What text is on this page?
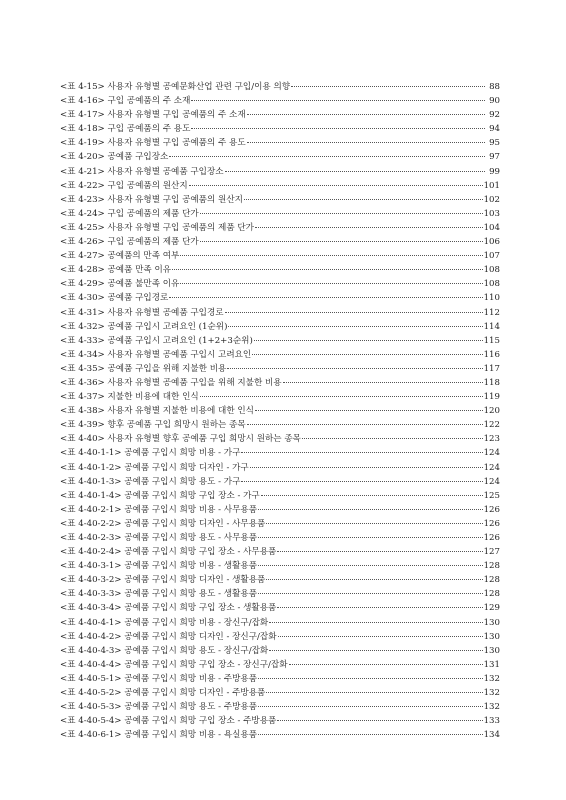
<표 4-15> 사용자 유형별 공예문화산업 관련 구입/이용 의향	88
<표 4-16> 구입 공예품의 주 소재	90
<표 4-17> 사용자 유형별 구입 공예품의 주 소재	92
<표 4-18> 구입 공예품의 주 용도	94
<표 4-19> 사용자 유형별 구입 공예품의 주 용도	95
<표 4-20> 공예품 구입장소	97
<표 4-21> 사용자 유형별 공예품 구입장소	99
<표 4-22> 구입 공예품의 원산지	101
<표 4-23> 사용자 유형별 구입 공예품의 원산지	102
<표 4-24> 구입 공예품의 제품 단가	103
<표 4-25> 사용자 유형별 구입 공예품의 제품 단가	104
<표 4-26> 구입 공예품의 제품 단가	106
<표 4-27> 공예품의 만족 여부	107
<표 4-28> 공예품 만족 이유	108
<표 4-29> 공예품 불만족 이유	108
<표 4-30> 공예품 구입경로	110
<표 4-31> 사용자 유형별 공예품 구입경로	112
<표 4-32> 공예품 구입시 고려요인 (1순위)	114
<표 4-33> 공예품 구입시 고려요인 (1+2+3순위)	115
<표 4-34> 사용자 유형별 공예품 구입시 고려요인	116
<표 4-35> 공예품 구입을 위해 지불한 비용	117
<표 4-36> 사용자 유형별 공예품 구입을 위해 지불한 비용	118
<표 4-37> 지불한 비용에 대한 인식	119
<표 4-38> 사용자 유형별 지불한 비용에 대한 인식	120
<표 4-39> 향후 공예품 구입 희망시 원하는 종목	122
<표 4-40> 사용자 유형별 향후 공예품 구입 희망시 원하는 종목	123
<표 4-40-1-1> 공예품 구입시 희망 비용 - 가구	124
<표 4-40-1-2> 공예품 구입시 희망 디자인 - 가구	124
<표 4-40-1-3> 공예품 구입시 희망 용도 - 가구	124
<표 4-40-1-4> 공예품 구입시 희망 구입 장소 - 가구	125
<표 4-40-2-1> 공예품 구입시 희망 비용 - 사무용품	126
<표 4-40-2-2> 공예품 구입시 희망 디자인 - 사무용품	126
<표 4-40-2-3> 공예품 구입시 희망 용도 - 사무용품	126
<표 4-40-2-4> 공예품 구입시 희망 구입 장소 - 사무용품	127
<표 4-40-3-1> 공예품 구입시 희망 비용 - 생활용품	128
<표 4-40-3-2> 공예품 구입시 희망 디자인 - 생활용품	128
<표 4-40-3-3> 공예품 구입시 희망 용도 - 생활용품	128
<표 4-40-3-4> 공예품 구입시 희망 구입 장소 - 생활용품	129
<표 4-40-4-1> 공예품 구입시 희망 비용 - 장신구/잡화	130
<표 4-40-4-2> 공예품 구입시 희망 디자인 - 장신구/잡화	130
<표 4-40-4-3> 공예품 구입시 희망 용도 - 장신구/잡화	130
<표 4-40-4-4> 공예품 구입시 희망 구입 장소 - 장신구/잡화	131
<표 4-40-5-1> 공예품 구입시 희망 비용 - 주방용품	132
<표 4-40-5-2> 공예품 구입시 희망 디자인 - 주방용품	132
<표 4-40-5-3> 공예품 구입시 희망 용도 - 주방용품	132
<표 4-40-5-4> 공예품 구입시 희망 구입 장소 - 주방용품	133
<표 4-40-6-1> 공예품 구입시 희망 비용 - 욕실용품	134
